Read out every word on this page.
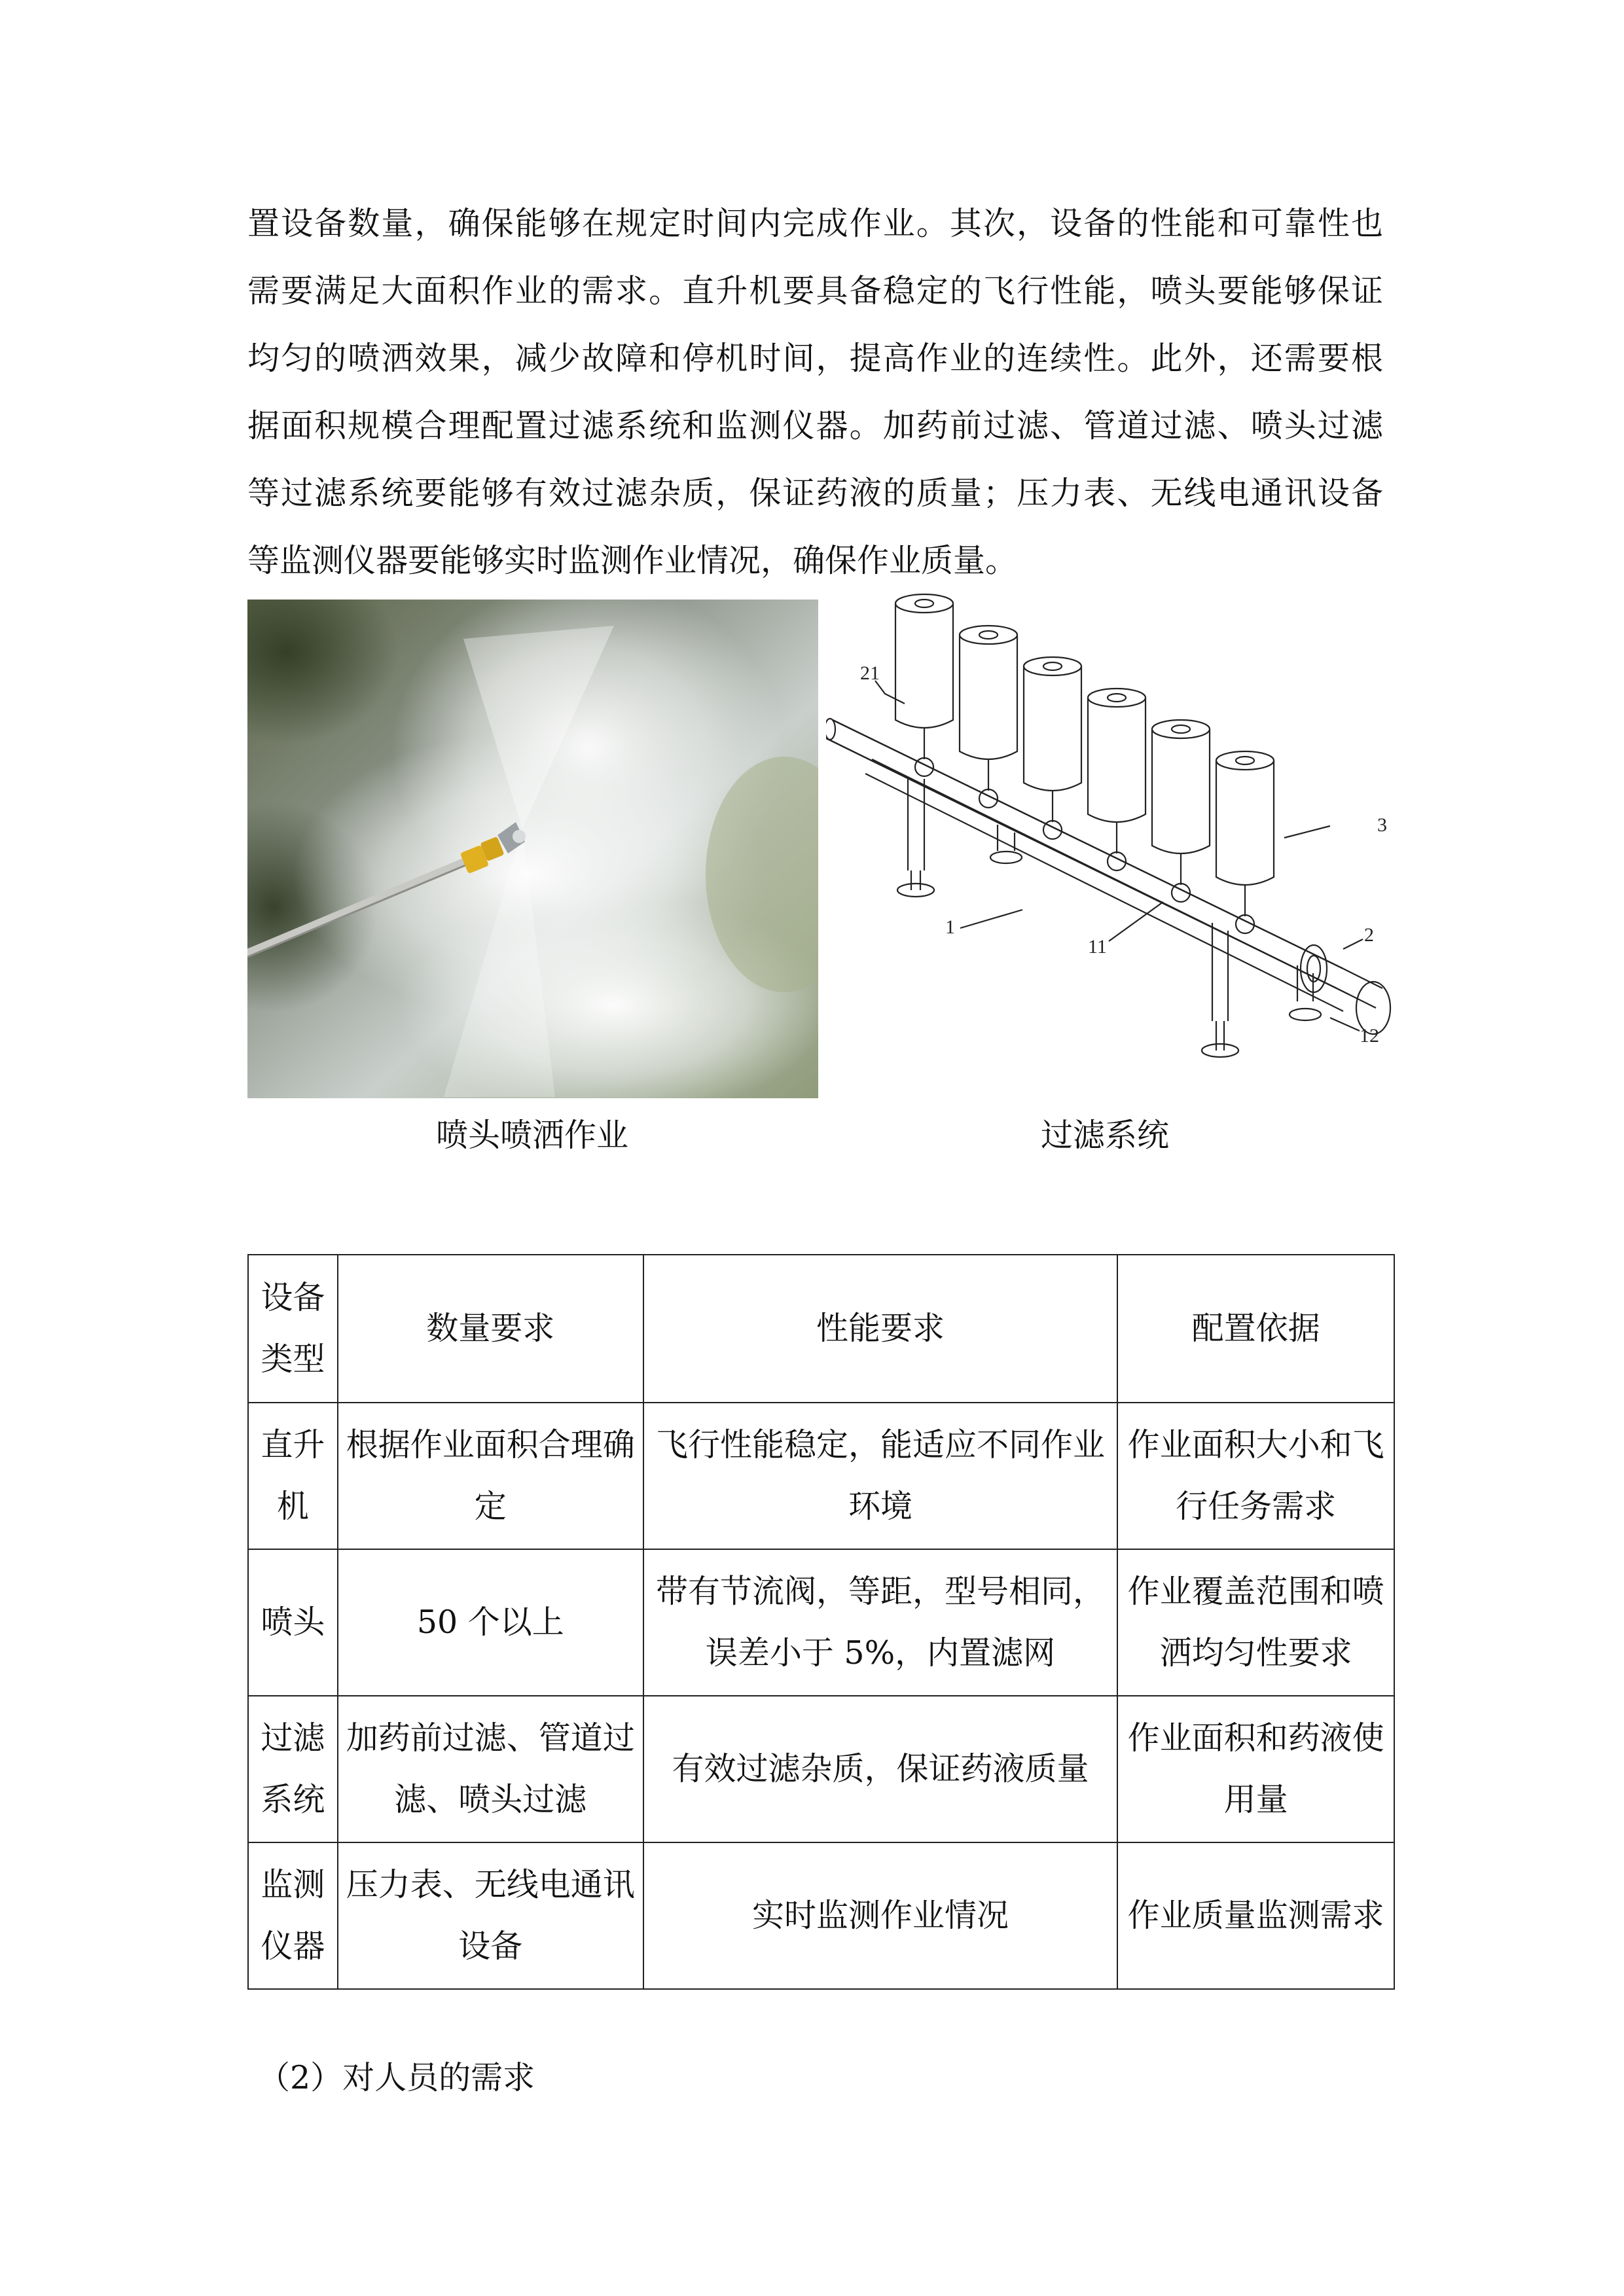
置设备数量，确保能够在规定时间内完成作业。其次，设备的性能和可靠性也
需要满足大面积作业的需求。直升机要具备稳定的飞行性能，喷头要能够保证
均匀的喷洒效果，减少故障和停机时间，提高作业的连续性。此外，还需要根
据面积规模合理配置过滤系统和监测仪器。加药前过滤、管道过滤、喷头过滤
等过滤系统要能够有效过滤杂质，保证药液的质量；压力表、无线电通讯设备
等监测仪器要能够实时监测作业情况，确保作业质量。
21
3
1
11
2
12
喷头喷洒作业	过滤系统
设备类型	数量要求	性能要求	配置依据
直升机	根据作业面积合理确定	飞行性能稳定，能适应不同作业环境	作业面积大小和飞行任务需求
喷头	50 个以上	带有节流阀，等距，型号相同，误差小于 5%，内置滤网	作业覆盖范围和喷洒均匀性要求
过滤系统	加药前过滤、管道过滤、喷头过滤	有效过滤杂质，保证药液质量	作业面积和药液使用量
监测仪器	压力表、无线电通讯设备	实时监测作业情况	作业质量监测需求
（2）对人员的需求
